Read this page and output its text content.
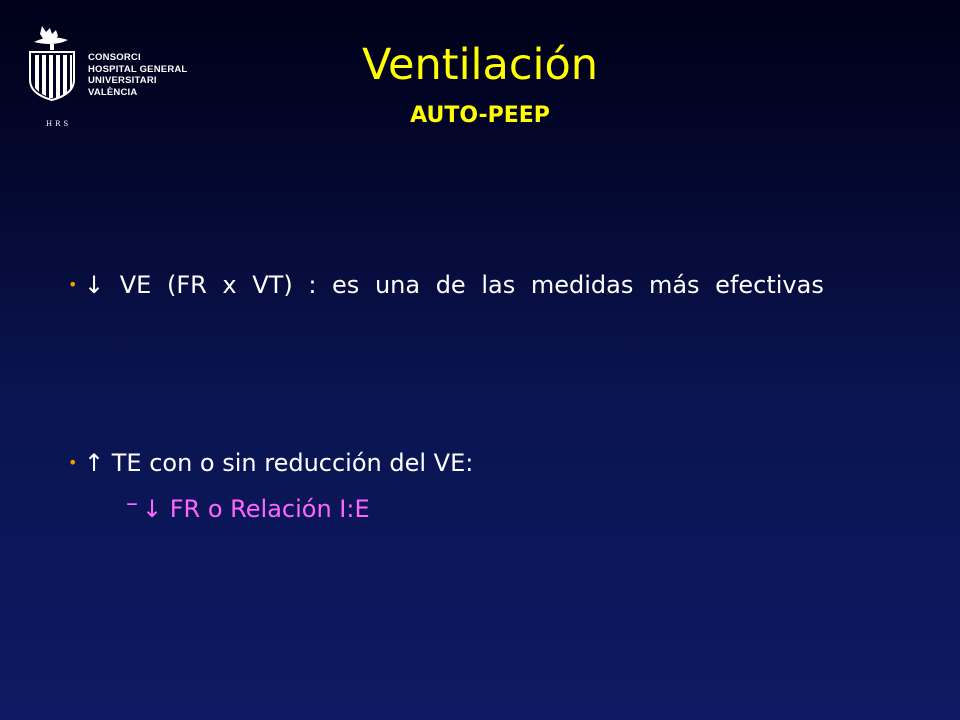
CONSORCI
HOSPITAL GENERAL
UNIVERSITARI
VALÈNCIA
HRS
Ventilación
AUTO-PEEP
• ↓ VE (FR x VT) : es una de las medidas más efectivas
• ↑ TE con o sin reducción del VE:
– ↓ FR o Relación I:E
